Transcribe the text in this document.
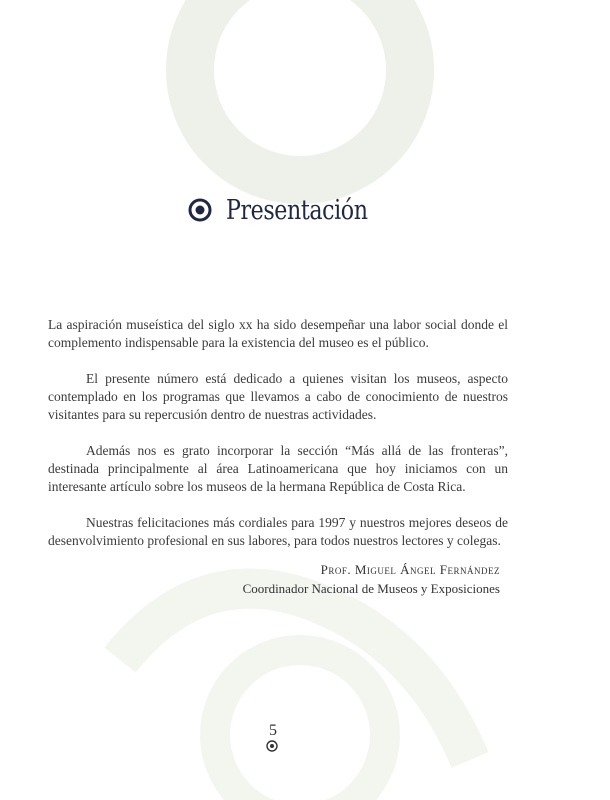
Presentación

La aspiración museística del siglo xx ha sido desempeñar una labor social donde el complemento indispensable para la existencia del museo es el público.

El presente número está dedicado a quienes visitan los museos, aspecto contemplado en los programas que llevamos a cabo de conocimiento de nuestros visitantes para su repercusión dentro de nuestras actividades.

Además nos es grato incorporar la sección “Más allá de las fronteras”, destinada principalmente al área Latinoamericana que hoy iniciamos con un interesante artículo sobre los museos de la hermana República de Costa Rica.

Nuestras felicitaciones más cordiales para 1997 y nuestros mejores deseos de desenvolvimiento profesional en sus labores, para todos nuestros lectores y colegas.

Prof. Miguel Ángel Fernández
Coordinador Nacional de Museos y Exposiciones
5
